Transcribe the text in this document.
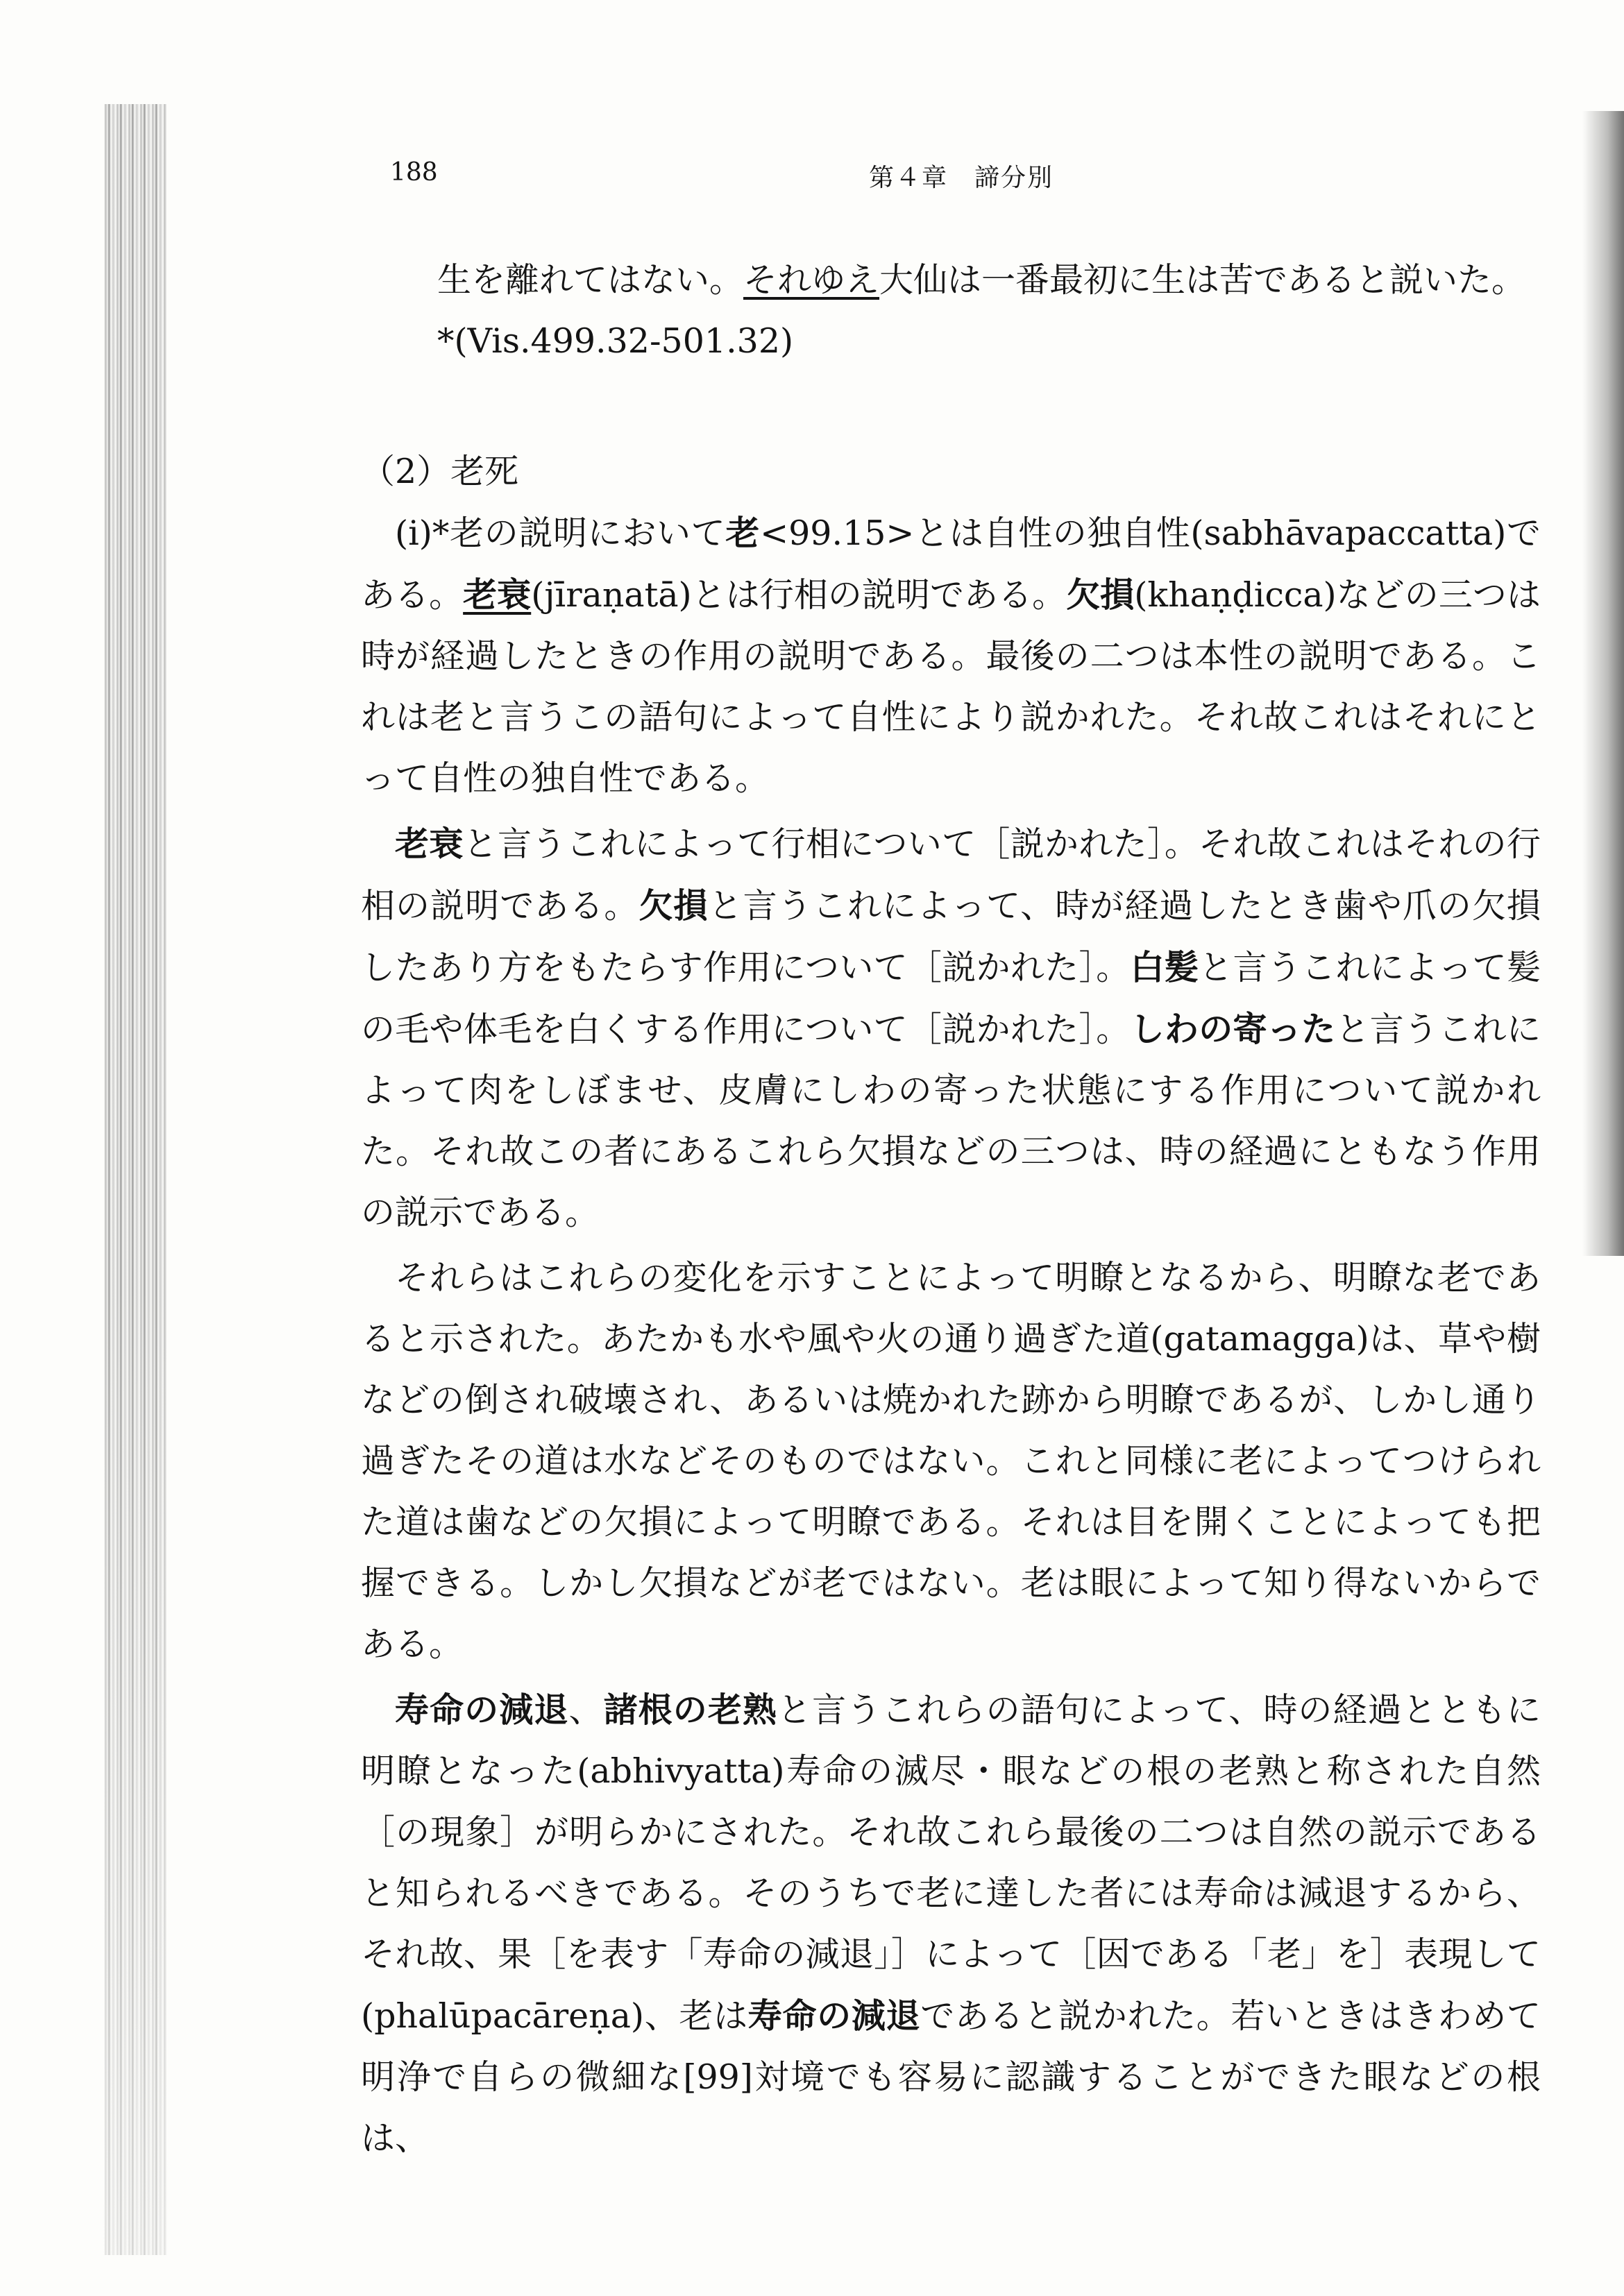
188	第４章　諦分別
生を離れてはない。それゆえ大仙は一番最初に生は苦であると説いた。
*(Vis.499.32-501.32)

（2）老死

(i)*老の説明において老<99.15>とは自性の独自性(sabhāvapaccatta)である。老衰(jīraṇatā)とは行相の説明である。欠損(khaṇḍicca)などの三つは時が経過したときの作用の説明である。最後の二つは本性の説明である。これは老と言うこの語句によって自性により説かれた。それ故これはそれにとって自性の独自性である。

老衰と言うこれによって行相について［説かれた］。それ故これはそれの行相の説明である。欠損と言うこれによって、時が経過したとき歯や爪の欠損したあり方をもたらす作用について［説かれた］。白髪と言うこれによって髪の毛や体毛を白くする作用について［説かれた］。しわの寄ったと言うこれによって肉をしぼませ、皮膚にしわの寄った状態にする作用について説かれた。それ故この者にあるこれら欠損などの三つは、時の経過にともなう作用の説示である。

それらはこれらの変化を示すことによって明瞭となるから、明瞭な老であると示された。あたかも水や風や火の通り過ぎた道(gatamagga)は、草や樹などの倒され破壊され、あるいは焼かれた跡から明瞭であるが、しかし通り過ぎたその道は水などそのものではない。これと同様に老によってつけられた道は歯などの欠損によって明瞭である。それは目を開くことによっても把握できる。しかし欠損などが老ではない。老は眼によって知り得ないからである。

寿命の減退、諸根の老熟と言うこれらの語句によって、時の経過とともに明瞭となった(abhivyatta)寿命の滅尽・眼などの根の老熟と称された自然［の現象］が明らかにされた。それ故これら最後の二つは自然の説示であると知られるべきである。そのうちで老に達した者には寿命は減退するから、それ故、果［を表す「寿命の減退」］によって［因である「老」を］表現して(phalūpacāreṇa)、老は寿命の減退であると説かれた。若いときはきわめて明浄で自らの微細な[99]対境でも容易に認識することができた眼などの根は、
